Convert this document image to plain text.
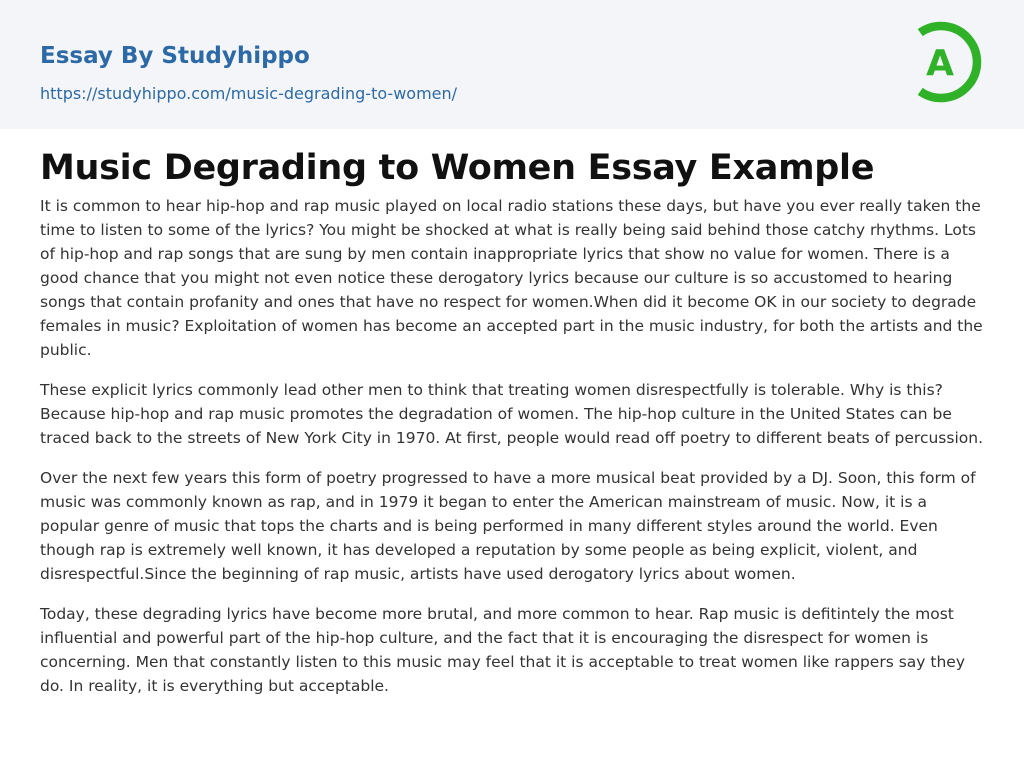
Essay By Studyhippo
https://studyhippo.com/music-degrading-to-women/
A
Music Degrading to Women Essay Example

It is common to hear hip-hop and rap music played on local radio stations these days, but have you ever really taken the time to listen to some of the lyrics? You might be shocked at what is really being said behind those catchy rhythms. Lots of hip-hop and rap songs that are sung by men contain inappropriate lyrics that show no value for women. There is a good chance that you might not even notice these derogatory lyrics because our culture is so accustomed to hearing songs that contain profanity and ones that have no respect for women.When did it become OK in our society to degrade females in music? Exploitation of women has become an accepted part in the music industry, for both the artists and the public.

These explicit lyrics commonly lead other men to think that treating women disrespectfully is tolerable. Why is this? Because hip-hop and rap music promotes the degradation of women. The hip-hop culture in the United States can be traced back to the streets of New York City in 1970. At first, people would read off poetry to different beats of percussion.

Over the next few years this form of poetry progressed to have a more musical beat provided by a DJ. Soon, this form of music was commonly known as rap, and in 1979 it began to enter the American mainstream of music. Now, it is a popular genre of music that tops the charts and is being performed in many different styles around the world. Even though rap is extremely well known, it has developed a reputation by some people as being explicit, violent, and disrespectful.Since the beginning of rap music, artists have used derogatory lyrics about women.

Today, these degrading lyrics have become more brutal, and more common to hear. Rap music is defitintely the most influential and powerful part of the hip-hop culture, and the fact that it is encouraging the disrespect for women is concerning. Men that constantly listen to this music may feel that it is acceptable to treat women like rappers say they do. In reality, it is everything but acceptable.
